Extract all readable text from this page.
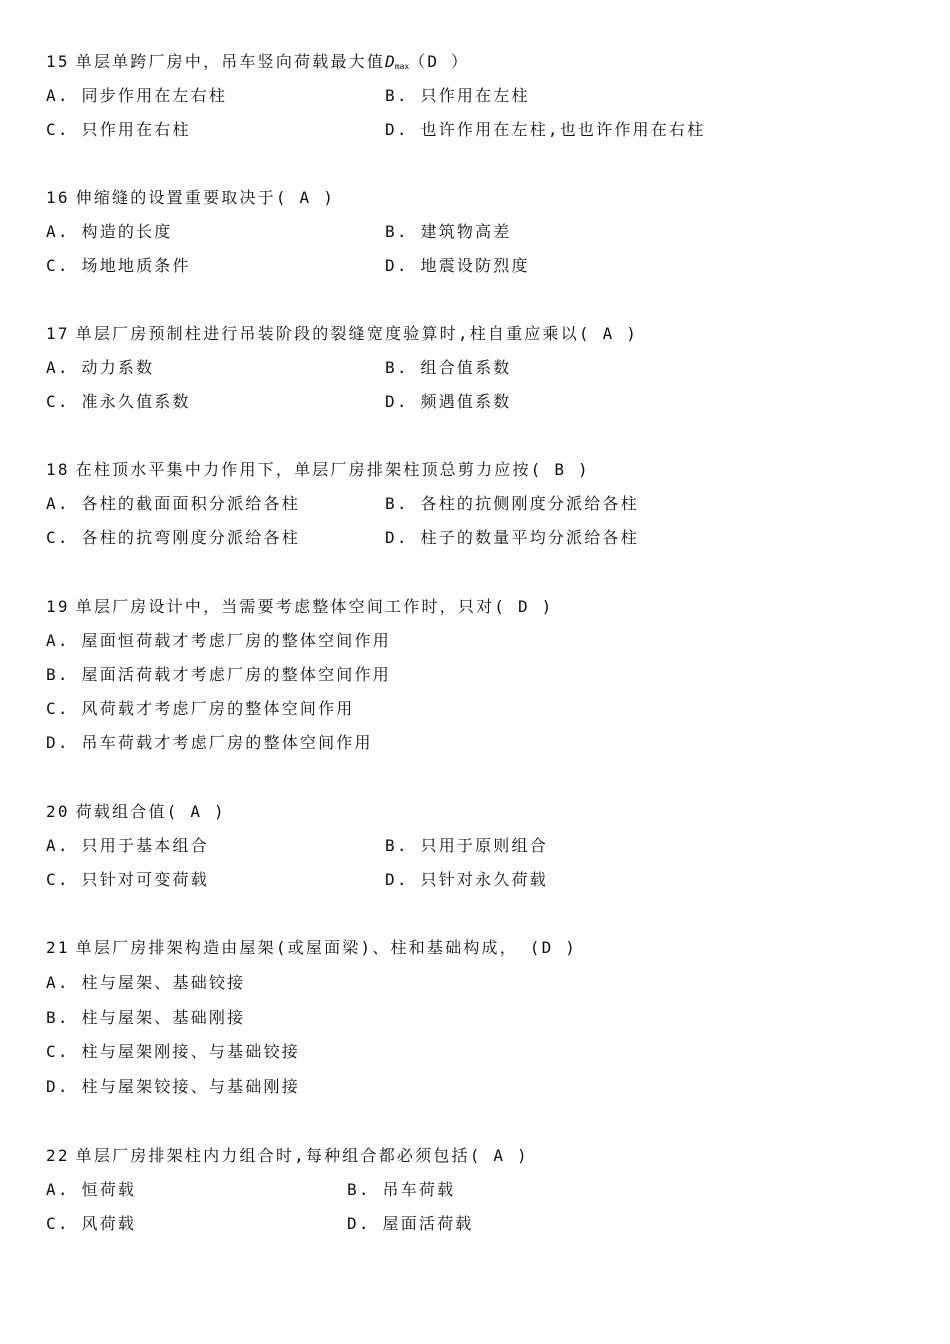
15 单层单跨厂房中，吊车竖向荷载最大值$D_{max}(D$ ）
A. 同步作用在左右柱	B. 只作用在左柱
C. 只作用在右柱	D. 也许作用在左柱,也也许作用在右柱
16 伸缩缝的设置重要取决于( A )
A. 构造的长度	B. 建筑物高差
C. 场地地质条件	D. 地震设防烈度
17 单层厂房预制柱进行吊装阶段的裂缝宽度验算时,柱自重应乘以( A )
A. 动力系数	B. 组合值系数
C. 准永久值系数	D. 频遇值系数
18 在柱顶水平集中力作用下，单层厂房排架柱顶总剪力应按( B )
A. 各柱的截面面积分派给各柱	B. 各柱的抗侧刚度分派给各柱
C. 各柱的抗弯刚度分派给各柱	D. 柱子的数量平均分派给各柱
19 单层厂房设计中，当需要考虑整体空间工作时，只对( D )
A. 屋面恒荷载才考虑厂房的整体空间作用
B. 屋面活荷载才考虑厂房的整体空间作用
C. 风荷载才考虑厂房的整体空间作用
D. 吊车荷载才考虑厂房的整体空间作用
20 荷载组合值( A )
A. 只用于基本组合	B. 只用于原则组合
C. 只针对可变荷载	D. 只针对永久荷载
21 单层厂房排架构造由屋架(或屋面梁)、柱和基础构成， (D )
A. 柱与屋架、基础铰接
B. 柱与屋架、基础刚接
C. 柱与屋架刚接、与基础铰接
D. 柱与屋架铰接、与基础刚接
22 单层厂房排架柱内力组合时,每种组合都必须包括( A )
A. 恒荷载	B. 吊车荷载
C. 风荷载	D. 屋面活荷载
